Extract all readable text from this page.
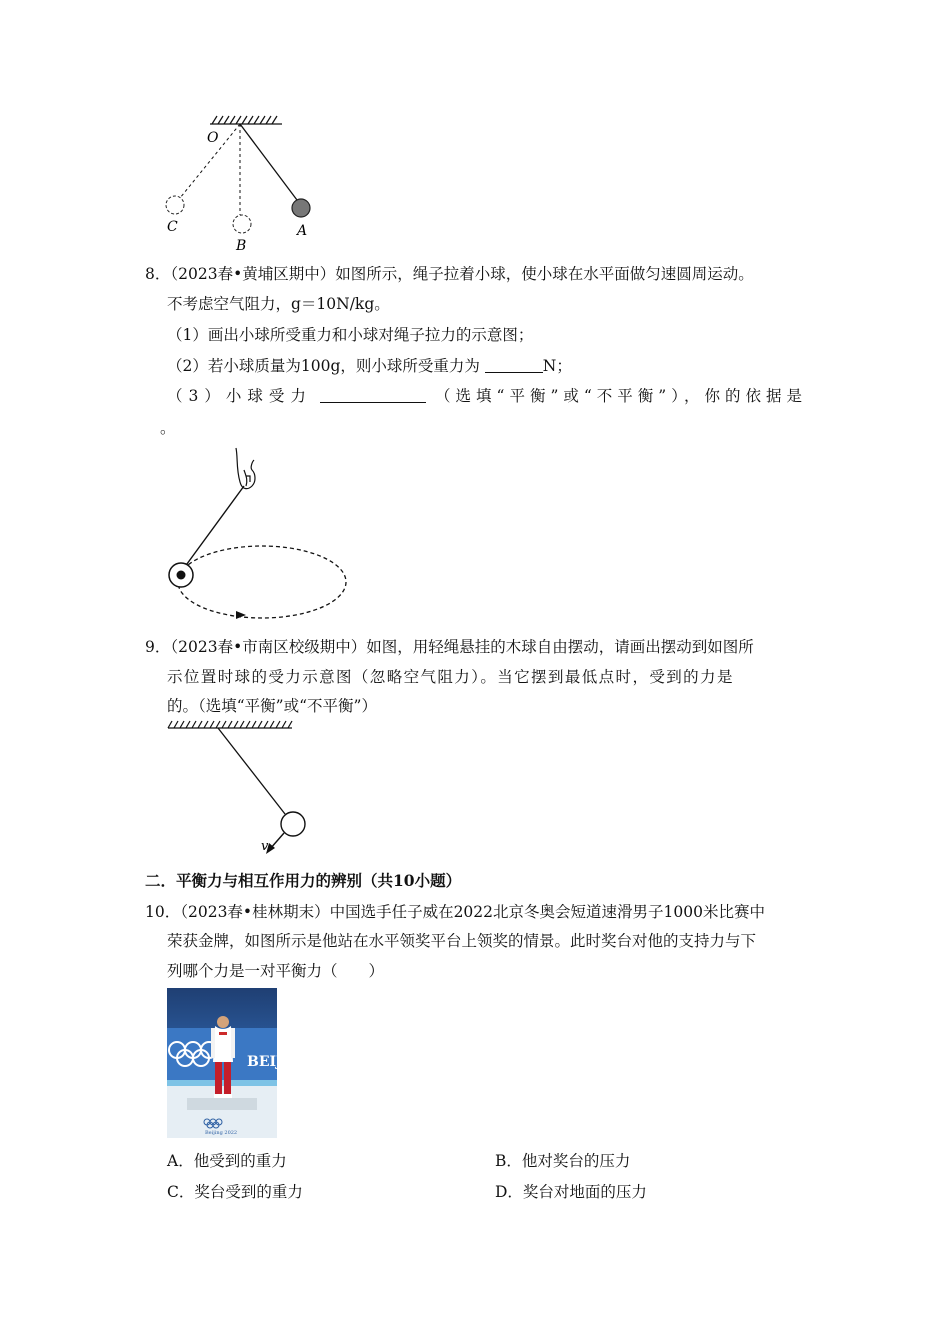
O
A
B
C
8．（2023春•黄埔区期中）如图所示，绳子拉着小球，使小球在水平面做匀速圆周运动。
不考虑空气阻力，g＝10N/kg。
（1）画出小球所受重力和小球对绳子拉力的示意图；
（2）若小球质量为100g，则小球所受重力为	N；
（3）小球受力	（选填“平衡”或“不平衡”），你的依据是
。
9．（2023春•市南区校级期中）如图，用轻绳悬挂的木球自由摆动，请画出摆动到如图所
示位置时球的受力示意图（忽略空气阻力）。当它摆到最低点时，受到的力是
的。（选填“平衡”或“不平衡”）
v
二．平衡力与相互作用力的辨别（共10小题）
10．（2023春•桂林期末）中国选手任子威在2022北京冬奥会短道速滑男子1000米比赛中
荣获金牌，如图所示是他站在水平领奖平台上领奖的情景。此时奖台对他的支持力与下
列哪个力是一对平衡力（　　）
BEIJ
Beijing 2022
A．他受到的重力	B．他对奖台的压力
C．奖台受到的重力	D．奖台对地面的压力
